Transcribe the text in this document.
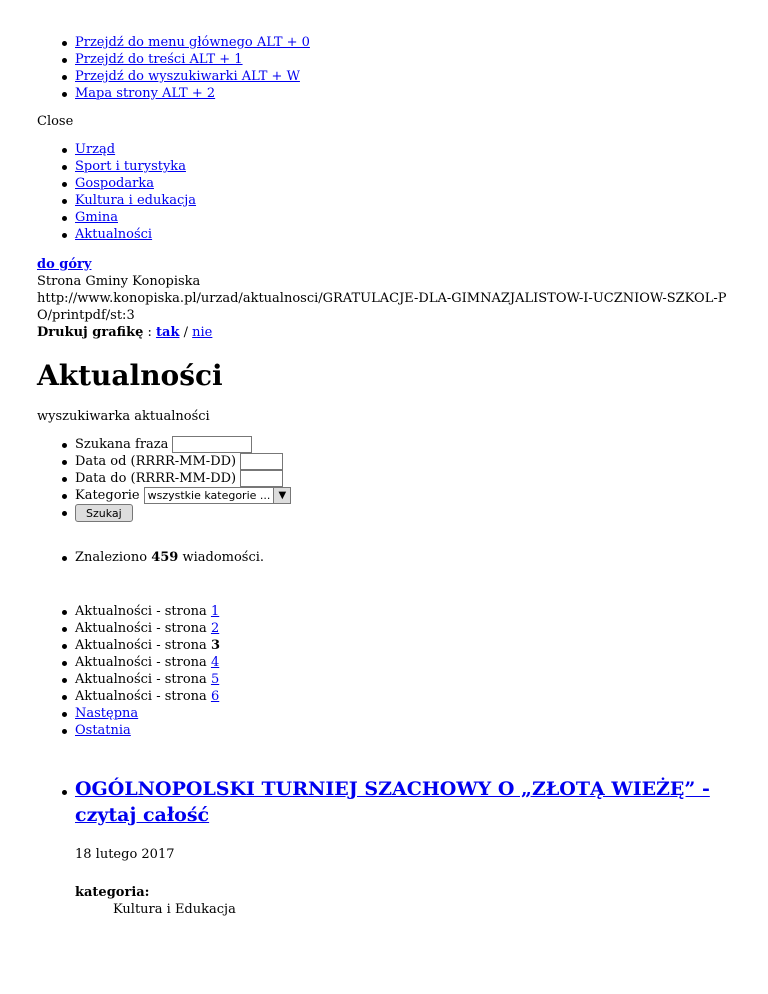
Przejdź do menu głównego ALT + 0
Przejdź do treści ALT + 1
Przejdź do wyszukiwarki ALT + W
Mapa strony ALT + 2
Close
Urząd
Sport i turystyka
Gospodarka
Kultura i edukacja
Gmina
Aktualności
do góry
Strona Gminy Konopiska
http://www.konopiska.pl/urzad/aktualnosci/GRATULACJE-DLA-GIMNAZJALISTOW-I-UCZNIOW-SZKOL-PO/printpdf/st:3
Drukuj grafikę : tak / nie
Aktualności
wyszukiwarka aktualności
Szukana fraza
Data od (RRRR-MM-DD)
Data do (RRRR-MM-DD)
Kategorie wszystkie kategorie ... ▼
Szukaj
Znaleziono 459 wiadomości.
Aktualności - strona 1
Aktualności - strona 2
Aktualności - strona 3
Aktualności - strona 4
Aktualności - strona 5
Aktualności - strona 6
Następna
Ostatnia
OGÓLNOPOLSKI TURNIEJ SZACHOWY O „ZŁOTĄ WIEŻĘ” - czytaj całość
18 lutego 2017
kategoria:
Kultura i Edukacja
